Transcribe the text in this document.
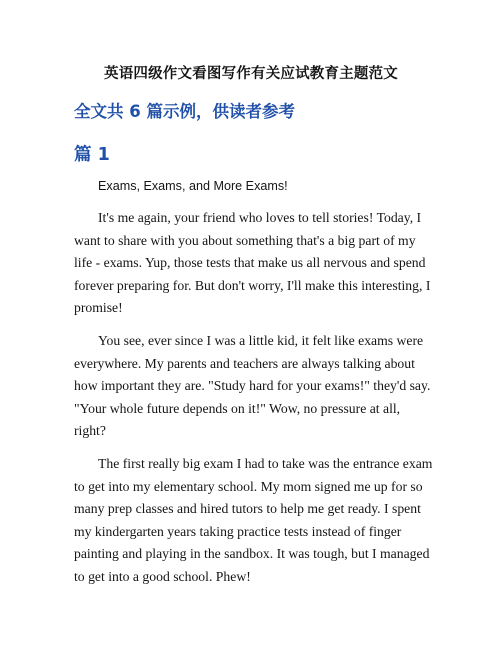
英语四级作文看图写作有关应试教育主题范文
全文共 6 篇示例，供读者参考
篇 1

Exams, Exams, and More Exams!

It's me again, your friend who loves to tell stories! Today, I want to share with you about something that's a big part of my life - exams. Yup, those tests that make us all nervous and spend forever preparing for. But don't worry, I'll make this interesting, I promise!

You see, ever since I was a little kid, it felt like exams were everywhere. My parents and teachers are always talking about how important they are. "Study hard for your exams!" they'd say. "Your whole future depends on it!" Wow, no pressure at all, right?

The first really big exam I had to take was the entrance exam to get into my elementary school. My mom signed me up for so many prep classes and hired tutors to help me get ready. I spent my kindergarten years taking practice tests instead of finger painting and playing in the sandbox. It was tough, but I managed to get into a good school. Phew!
